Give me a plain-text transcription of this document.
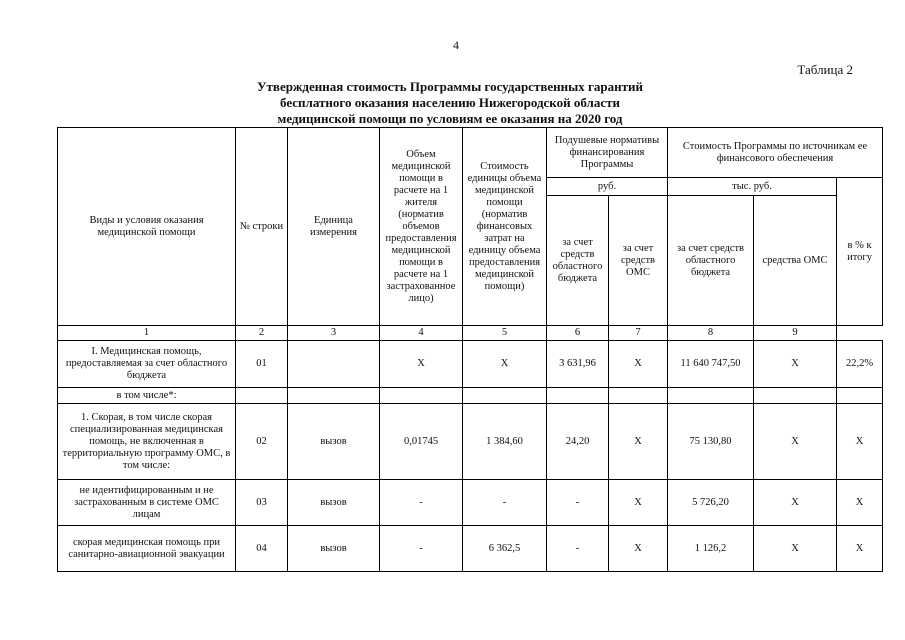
4
Таблица 2
Утвержденная стоимость Программы государственных гарантий
бесплатного оказания населению Нижегородской области
медицинской помощи по условиям ее оказания на 2020 год
Виды и условия оказания медицинской помощи	№ строки	Единица измерения	Объем медицинской помощи в расчете на 1 жителя (норматив объемов предоставления медицинской помощи в расчете на 1 застрахованное лицо)	Стоимость единицы объема медицинской помощи (норматив финансовых затрат на единицу объема предоставления медицинской помощи)	Подушевые нормативы финансирования Программы		Стоимость Программы по источникам ее финансового обеспечения		
					руб.		тыс. руб.		в % к итогу
					за счет средств областного бюджета	за счет средств ОМС	за счет средств областного бюджета	средства ОМС	
1	2	3	4	5	6	7	8	9	
I. Медицинская помощь, предоставляемая за счет областного бюджета	01		X	X	3 631,96	X	11 640 747,50	X	22,2%
в том числе*:									
1. Скорая, в том числе скорая специализированная медицинская помощь, не включенная в территориальную программу ОМС, в том числе:	02	вызов	0,01745	1 384,60	24,20	X	75 130,80	X	X
не идентифицированным и не застрахованным в системе ОМС лицам	03	вызов	-	-	-	X	5 726,20	X	X
скорая медицинская помощь при санитарно-авиационной эвакуации	04	вызов	-	6 362,5	-	X	1 126,2	X	X
